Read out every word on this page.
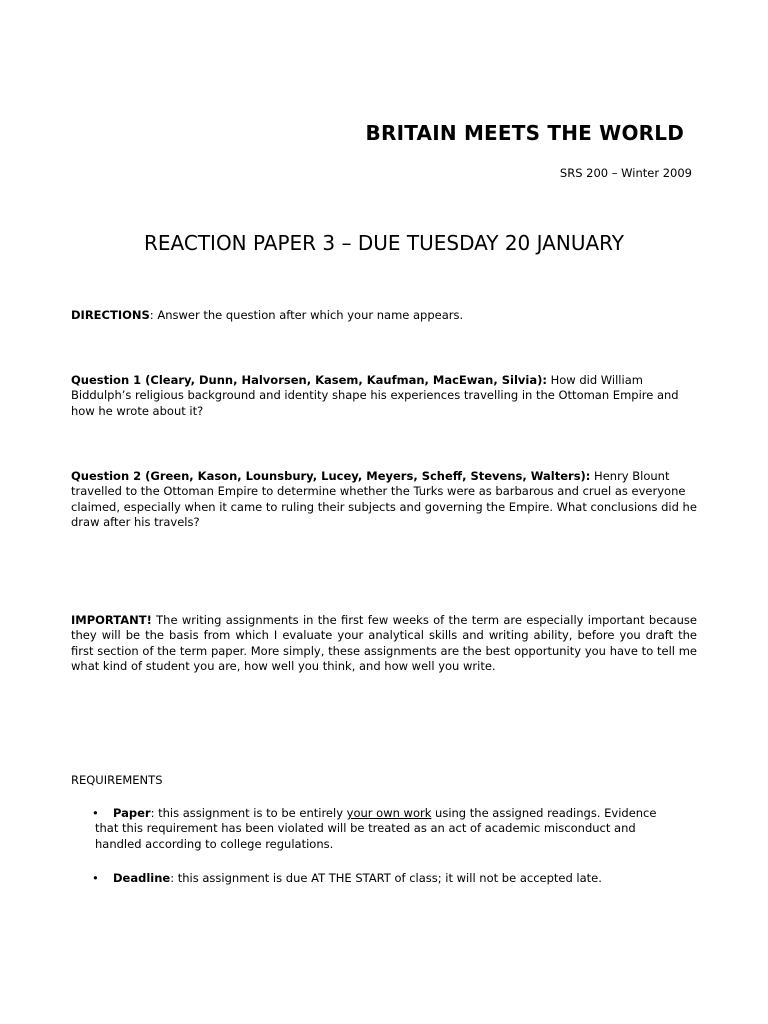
BRITAIN MEETS THE WORLD

SRS 200 – Winter 2009

REACTION PAPER 3 – DUE TUESDAY 20 JANUARY

DIRECTIONS: Answer the question after which your name appears.

Question 1 (Cleary, Dunn, Halvorsen, Kasem, Kaufman, MacEwan, Silvia): How did William Biddulph’s religious background and identity shape his experiences travelling in the Ottoman Empire and how he wrote about it?

Question 2 (Green, Kason, Lounsbury, Lucey, Meyers, Scheff, Stevens, Walters): Henry Blount travelled to the Ottoman Empire to determine whether the Turks were as barbarous and cruel as everyone claimed, especially when it came to ruling their subjects and governing the Empire. What conclusions did he draw after his travels?

IMPORTANT! The writing assignments in the first few weeks of the term are especially important because they will be the basis from which I evaluate your analytical skills and writing ability, before you draft the first section of the term paper. More simply, these assignments are the best opportunity you have to tell me what kind of student you are, how well you think, and how well you write.

REQUIREMENTS

• Paper: this assignment is to be entirely your own work using the assigned readings. Evidence that this requirement has been violated will be treated as an act of academic misconduct and handled according to college regulations.
• Deadline: this assignment is due AT THE START of class; it will not be accepted late.
